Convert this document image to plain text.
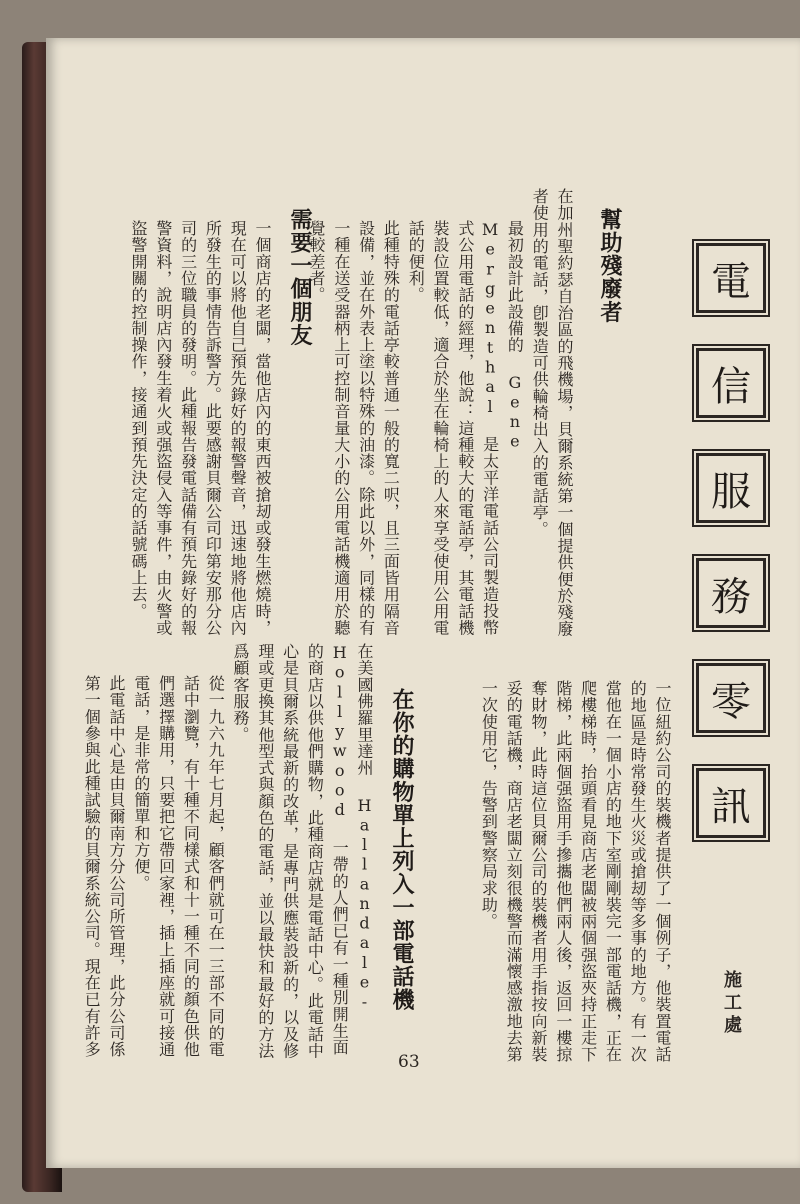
電
信
服
務
零
訊
施工處
幫助殘廢者

在加州聖約瑟自治區的飛機場，貝爾系統第一個提供便於殘廢者使用的電話，卽製造可供輪椅出入的電話亭。

最初設計此設備的 Gene Mergenthal 是太平洋電話公司製造投幣式公用電話的經理，他說：這種較大的電話亭，其電話機裝設位置較低，適合於坐在輪椅上的人來享受使用公用電話的便利。

此種特殊的電話亭較普通一般的寬二呎，且三面皆用隔音設備，並在外表上塗以特殊的油漆。除此以外，同樣的有一種在送受器柄上可控制音量大小的公用電話機適用於聽覺較差者。

需要一個朋友

一個商店的老闆，當他店內的東西被搶刼或發生燃燒時，現在可以將他自己預先錄好的報警聲音，迅速地將他店內所發生的事情告訴警方。此要感謝貝爾公司印第安那分公司的三位職員的發明。此種報告發電話備有預先錄好的報警資料，說明店內發生着火或强盜侵入等事件，由火警或盜警開關的控制操作，接通到預先決定的話號碼上去。

一位紐約公司的裝機者提供了一個例子，他裝置電話的地區是時常發生火災或搶刼等多事的地方。有一次當他在一個小店的地下室剛剛裝完一部電話機，正在爬樓梯時，抬頭看見商店老闆被兩個强盜夾持正走下階梯，此兩個强盜用手摻攜他們兩人後，返回一樓掠奪財物，此時這位貝爾公司的裝機者用手指按向新裝妥的電話機，商店老闆立刻很機警而滿懷感激地去第一次使用它，告警到警察局求助。

在你的購物單上列入一部電話機

在美國佛羅里達州 Hallandale-Hollywood 一帶的人們已有一種別開生面的商店以供他們購物，此種商店就是電話中心。此電話中心是貝爾系統最新的改革，是專門供應裝設新的，以及修理或更換其他型式與顏色的電話，並以最快和最好的方法爲顧客服務。

從一九六九年七月起，顧客們就可在一三部不同的電話中瀏覽，有十種不同樣式和十一種不同的顏色供他們選擇購用，只要把它帶回家裡，插上插座就可接通電話，是非常的簡單和方便。

此電話中心是由貝爾南方分公司所管理，此分公司係第一個參與此種試驗的貝爾系統公司。現在已有許多

63
